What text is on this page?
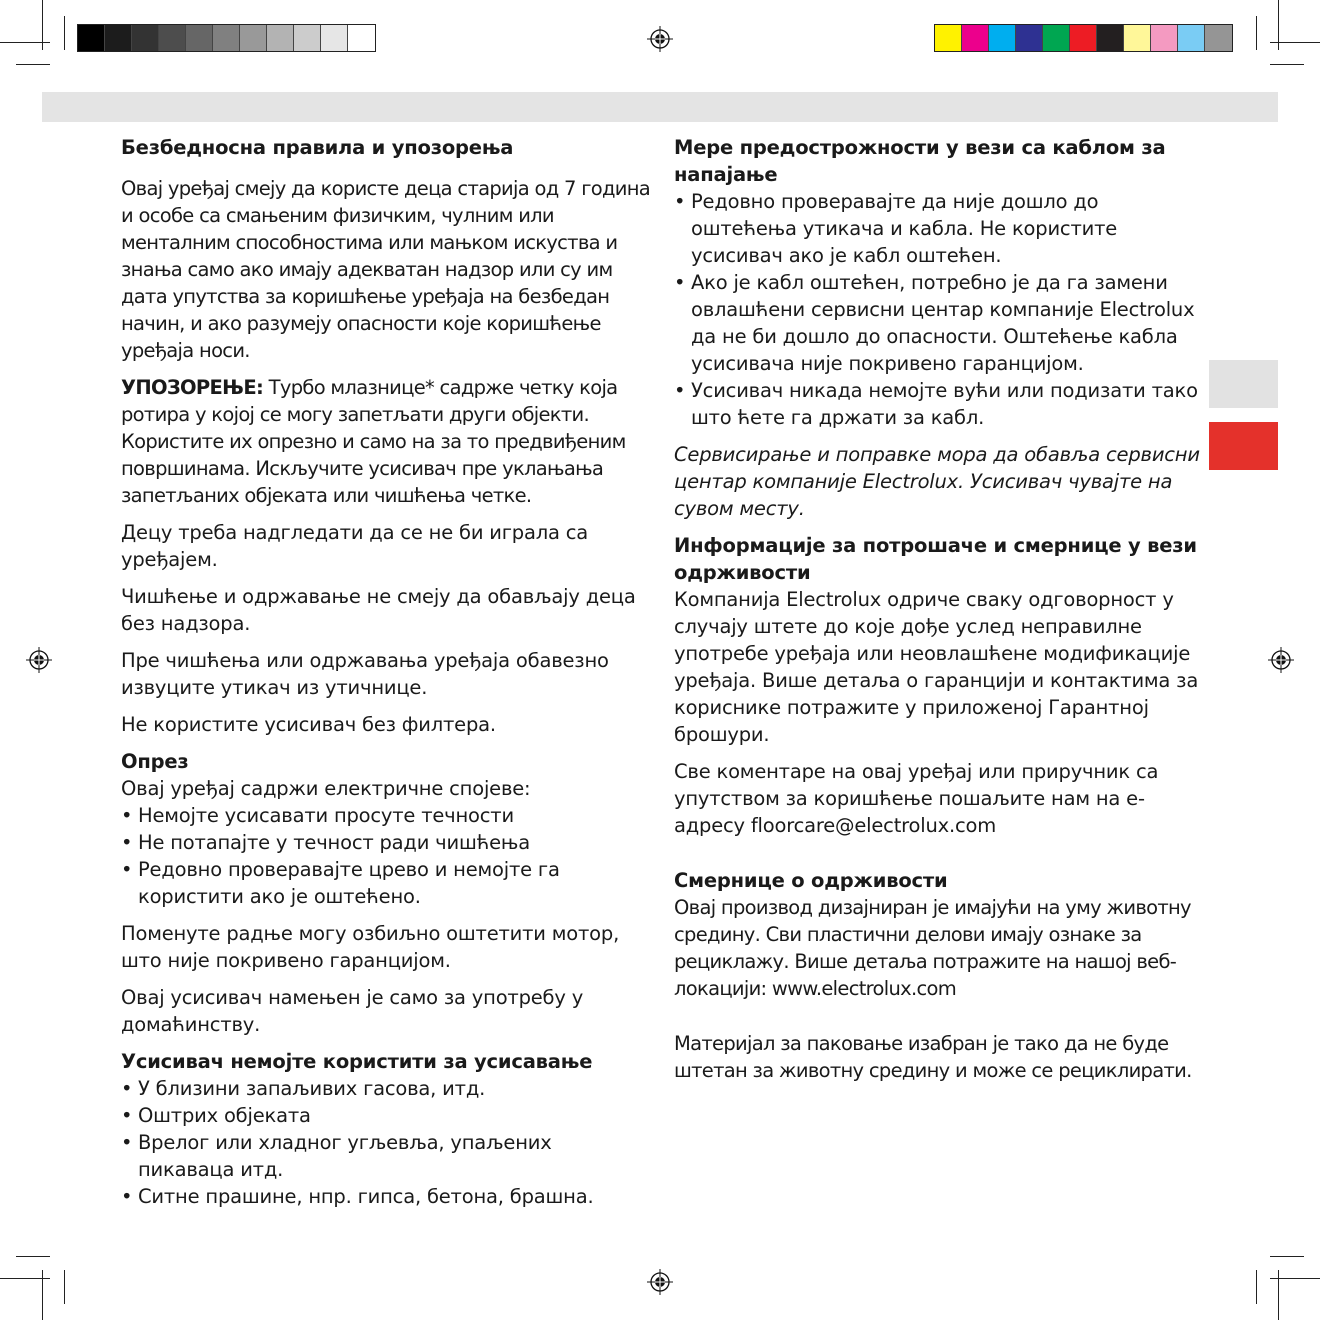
Безбедносна правила и упозорења

Овај уређај смеју да користе деца старија од 7 година и особе са смањеним физичким, чулним или менталним способностима или мањком искуства и знања само ако имају адекватан надзор или су им дата упутства за коришћење уређаја на безбедан начин, и ако разумеју опасности које коришћење уређаја носи.

УПОЗОРЕЊЕ: Турбо млазнице* садрже четку која ротира у којој се могу запетљати други објекти. Користите их опрезно и само на за то предвиђеним површинама. Искључите усисивач пре уклањања запетљаних објеката или чишћења четке.

Децу треба надгледати да се не би играла са уређајем.

Чишћење и одржавање не смеју да обављају деца без надзора.

Пре чишћења или одржавања уређаја обавезно извуците утикач из утичнице.

Не користите усисивач без филтера.

Опрез
Овај уређај садржи електричне спојеве:
• Немојте усисавати просуте течности
• Не потапајте у течност ради чишћења
• Редовно проверавајте црево и немојте га користити ако је оштећено.

Поменуте радње могу озбиљно оштетити мотор, што није покривено гаранцијом.

Овај усисивач намењен је само за употребу у домаћинству.

Усисивач немојте користити за усисавање
• У близини запаљивих гасова, итд.
• Оштрих објеката
• Врелог или хладног угљевља, упаљених пикаваца итд.
• Ситне прашине, нпр. гипса, бетона, брашна.
Мере предострожности у вези са каблом за напајање
• Редовно проверавајте да није дошло до оштећења утикача и кабла. Не користите усисивач ако је кабл оштећен.
• Ако је кабл оштећен, потребно је да га замени овлашћени сервисни центар компаније Electrolux да не би дошло до опасности. Оштећење кабла усисивача није покривено гаранцијом.
• Усисивач никада немојте вући или подизати тако што ћете га држати за кабл.

Сервисирање и поправке мора да обавља сервисни центар компаније Electrolux. Усисивач чувајте на сувом месту.

Информације за потрошаче и смернице у вези одрживости

Компанија Electrolux одриче сваку одговорност у случају штете до које дође услед неправилне употребе уређаја или неовлашћене модификације уређаја. Више детаља о гаранцији и контактима за кориснике потражите у приложеној Гарантној брошури.

Све коментаре на овај уређај или приручник са упутством за коришћење пошаљите нам на е-адресу floorcare@electrolux.com

Смернице о одрживости

Овај производ дизајниран је имајући на уму животну средину. Сви пластични делови имају ознаке за рециклажу. Више детаља потражите на нашој веб-локацији: www.electrolux.com

Материјал за паковање изабран је тако да не буде штетан за животну средину и може се рециклирати.
